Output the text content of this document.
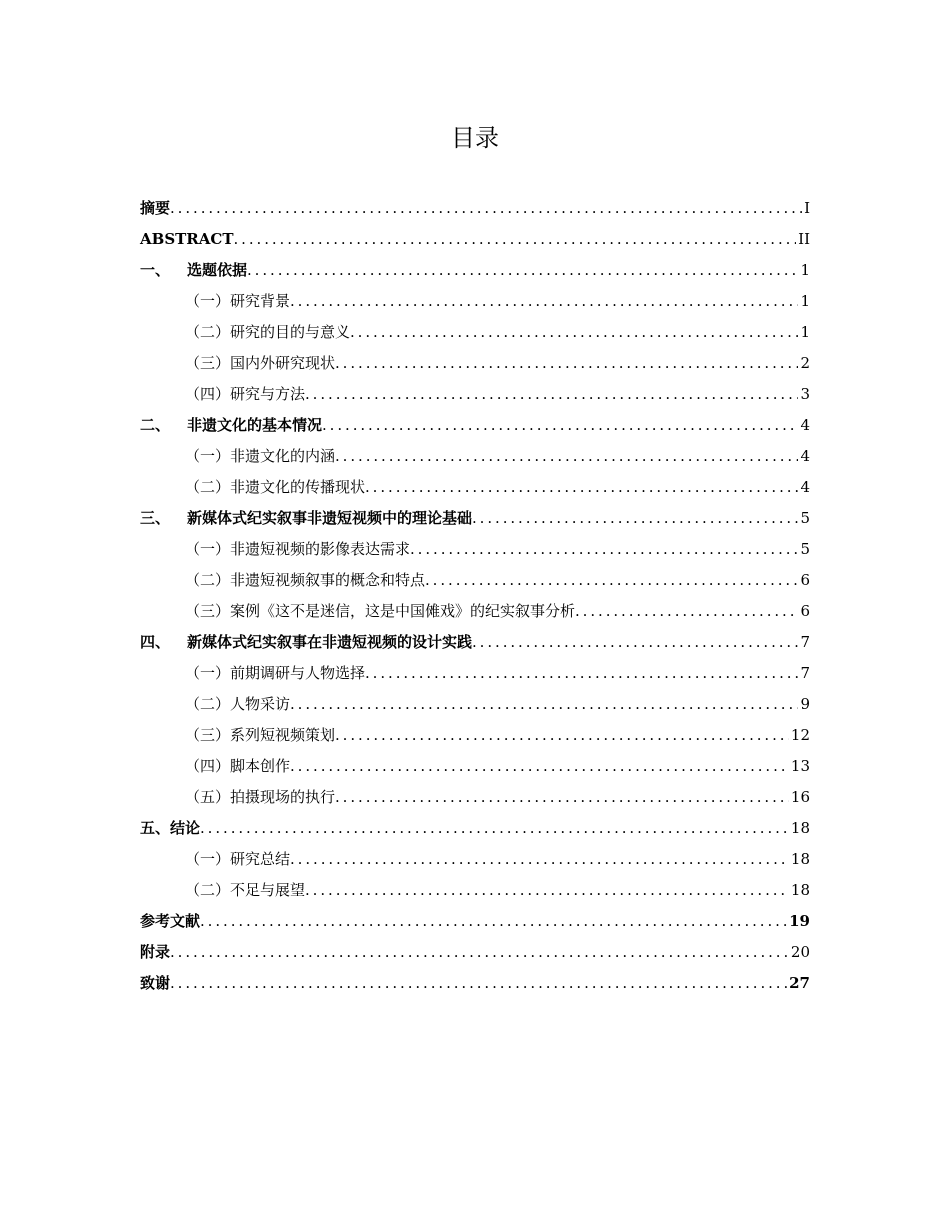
目录
摘要 .....	I
ABSTRACT .....	II
一、	选题依据 .....	1
（一）研究背景 .....	1
（二）研究的目的与意义 .....	1
（三）国内外研究现状 .....	2
（四）研究与方法 .....	3
二、	非遗文化的基本情况 .....	4
（一）非遗文化的内涵 .....	4
（二）非遗文化的传播现状 .....	4
三、	新媒体式纪实叙事非遗短视频中的理论基础 .....	5
（一）非遗短视频的影像表达需求 .....	5
（二）非遗短视频叙事的概念和特点 .....	6
（三）案例《这不是迷信，这是中国傩戏》的纪实叙事分析 .....	6
四、	新媒体式纪实叙事在非遗短视频的设计实践 .....	7
（一）前期调研与人物选择 .....	7
（二）人物采访 .....	9
（三）系列短视频策划 .....	12
（四）脚本创作 .....	13
（五）拍摄现场的执行 .....	16
五、结论 .....	18
（一）研究总结 .....	18
（二）不足与展望 .....	18
参考文献 .....	19
附录 .....	20
致谢 .....	27
